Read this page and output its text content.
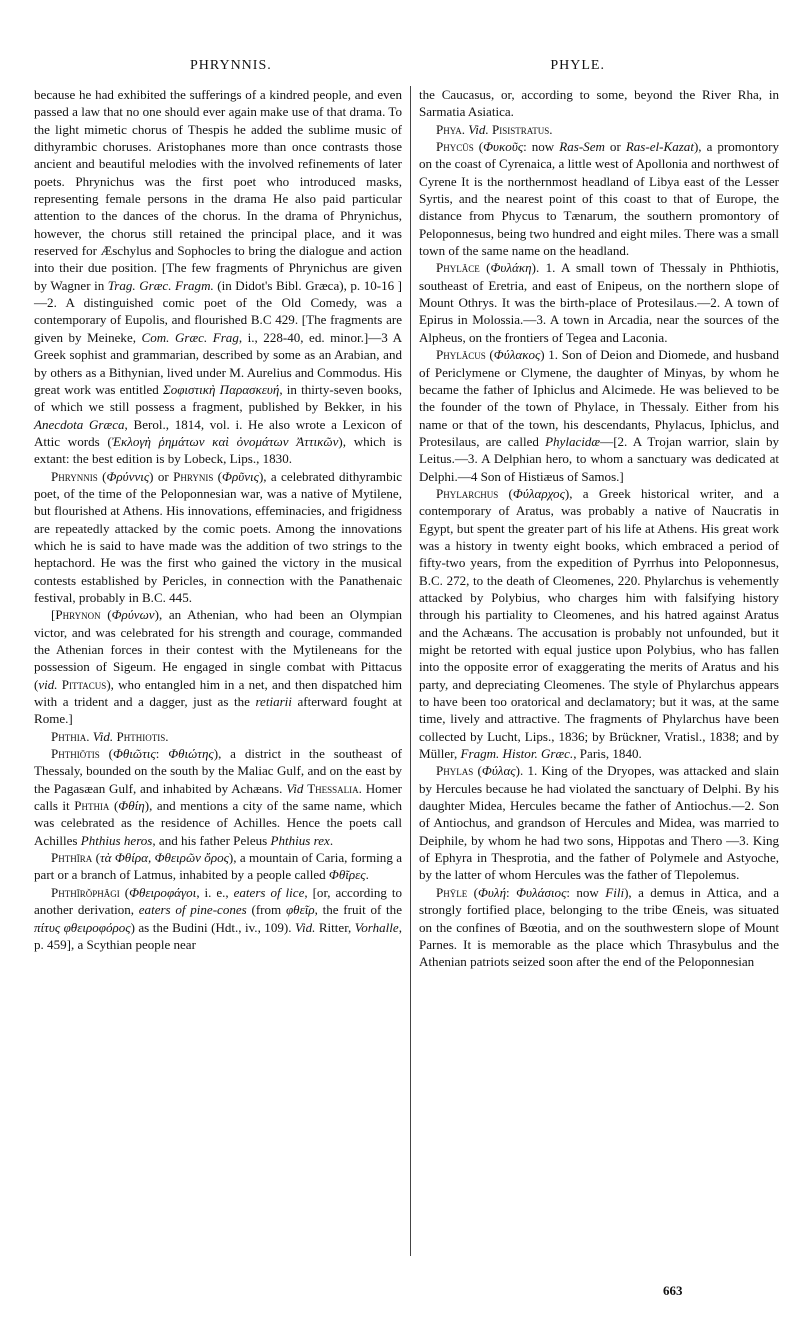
PHRYNNIS.	PHYLE.

because he had exhibited the sufferings of a kindred people, and even passed a law that no one should ever again make use of that drama. To the light mimetic chorus of Thespis he added the sublime music of dithyrambic choruses. Aristophanes more than once contrasts those ancient and beautiful melodies with the involved refinements of later poets. Phrynichus was the first poet who introduced masks, representing female persons in the drama He also paid particular attention to the dances of the chorus. In the drama of Phrynichus, however, the chorus still retained the principal place, and it was reserved for Æschylus and Sophocles to bring the dialogue and action into their due position. [The few fragments of Phrynichus are given by Wagner in Trag. Græc. Fragm. (in Didot's Bibl. Græca), p. 10-16 ]—2. A distinguished comic poet of the Old Comedy, was a contemporary of Eupolis, and flourished B.C 429. [The fragments are given by Meineke, Com. Græc. Frag, i., 228-40, ed. minor.]—3 A Greek sophist and grammarian, described by some as an Arabian, and by others as a Bithynian, lived under M. Aurelius and Commodus. His great work was entitled Σοφιστικὴ Παρασκευή, in thirty-seven books, of which we still possess a fragment, published by Bekker, in his Anecdota Græca, Berol., 1814, vol. i. He also wrote a Lexicon of Attic words (Ἐκλογὴ ῥημάτων καὶ ὀνομάτων Ἀττικῶν), which is extant: the best edition is by Lobeck, Lips., 1830.

Phrynnis (Φρύννις) or Phrynis (Φρῦνις), a celebrated dithyrambic poet, of the time of the Peloponnesian war, was a native of Mytilene, but flourished at Athens. His innovations, effeminacies, and frigidness are repeatedly attacked by the comic poets. Among the innovations which he is said to have made was the addition of two strings to the heptachord. He was the first who gained the victory in the musical contests established by Pericles, in connection with the Panathenaic festival, probably in B.C. 445.

[Phrynon (Φρύνων), an Athenian, who had been an Olympian victor, and was celebrated for his strength and courage, commanded the Athenian forces in their contest with the Mytileneans for the possession of Sigeum. He engaged in single combat with Pittacus (vid. Pittacus), who entangled him in a net, and then dispatched him with a trident and a dagger, just as the retiarii afterward fought at Rome.]

Phthia. Vid. Phthiotis.

Phthiōtis (Φθιῶτις: Φθιώτης), a district in the southeast of Thessaly, bounded on the south by the Maliac Gulf, and on the east by the Pagasæan Gulf, and inhabited by Achæans. Vid Thessalia. Homer calls it Phthia (Φθίη), and mentions a city of the same name, which was celebrated as the residence of Achilles. Hence the poets call Achilles Phthius heros, and his father Peleus Phthius rex.

Phthīra (τὰ Φθίρα, Φθειρῶν ὄρος), a mountain of Caria, forming a part or a branch of Latmus, inhabited by a people called Φθῖρες.

Phthīrŏphăgi (Φθειροφάγοι, i. e., eaters of lice, [or, according to another derivation, eaters of pine-cones (from φθεῖρ, the fruit of the πίτυς φθειροφόρος) as the Budini (Hdt., iv., 109). Vid. Ritter, Vorhalle, p. 459], a Scythian people near

the Caucasus, or, according to some, beyond the River Rha, in Sarmatia Asiatica.

Phya. Vid. Pisistratus.

Phycūs (Φυκοῦς: now Ras-Sem or Ras-el-Kazat), a promontory on the coast of Cyrenaica, a little west of Apollonia and northwest of Cyrene It is the northernmost headland of Libya east of the Lesser Syrtis, and the nearest point of this coast to that of Europe, the distance from Phycus to Tænarum, the southern promontory of Peloponnesus, being two hundred and eight miles. There was a small town of the same name on the headland.

Phylăce (Φυλάκη). 1. A small town of Thessaly in Phthiotis, southeast of Eretria, and east of Enipeus, on the northern slope of Mount Othrys. It was the birth-place of Protesilaus.—2. A town of Epirus in Molossia.—3. A town in Arcadia, near the sources of the Alpheus, on the frontiers of Tegea and Laconia.

Phylăcus (Φύλακος) 1. Son of Deion and Diomede, and husband of Periclymene or Clymene, the daughter of Minyas, by whom he became the father of Iphiclus and Alcimede. He was believed to be the founder of the town of Phylace, in Thessaly. Either from his name or that of the town, his descendants, Phylacus, Iphiclus, and Protesilaus, are called Phylacidæ—[2. A Trojan warrior, slain by Leitus.—3. A Delphian hero, to whom a sanctuary was dedicated at Delphi.—4 Son of Histiæus of Samos.]

Phylarchus (Φύλαρχος), a Greek historical writer, and a contemporary of Aratus, was probably a native of Naucratis in Egypt, but spent the greater part of his life at Athens. His great work was a history in twenty eight books, which embraced a period of fifty-two years, from the expedition of Pyrrhus into Peloponnesus, B.C. 272, to the death of Cleomenes, 220. Phylarchus is vehemently attacked by Polybius, who charges him with falsifying history through his partiality to Cleomenes, and his hatred against Aratus and the Achæans. The accusation is probably not unfounded, but it might be retorted with equal justice upon Polybius, who has fallen into the opposite error of exaggerating the merits of Aratus and his party, and depreciating Cleomenes. The style of Phylarchus appears to have been too oratorical and declamatory; but it was, at the same time, lively and attractive. The fragments of Phylarchus have been collected by Lucht, Lips., 1836; by Brückner, Vratisl., 1838; and by Müller, Fragm. Histor. Græc., Paris, 1840.

Phylas (Φύλας). 1. King of the Dryopes, was attacked and slain by Hercules because he had violated the sanctuary of Delphi. By his daughter Midea, Hercules became the father of Antiochus.—2. Son of Antiochus, and grandson of Hercules and Midea, was married to Deiphile, by whom he had two sons, Hippotas and Thero —3. King of Ephyra in Thesprotia, and the father of Polymele and Astyoche, by the latter of whom Hercules was the father of Tlepolemus.

Phȳle (Φυλή: Φυλάσιος: now Fili), a demus in Attica, and a strongly fortified place, belonging to the tribe Œneis, was situated on the confines of Bœotia, and on the southwestern slope of Mount Parnes. It is memorable as the place which Thrasybulus and the Athenian patriots seized soon after the end of the Peloponnesian

663
